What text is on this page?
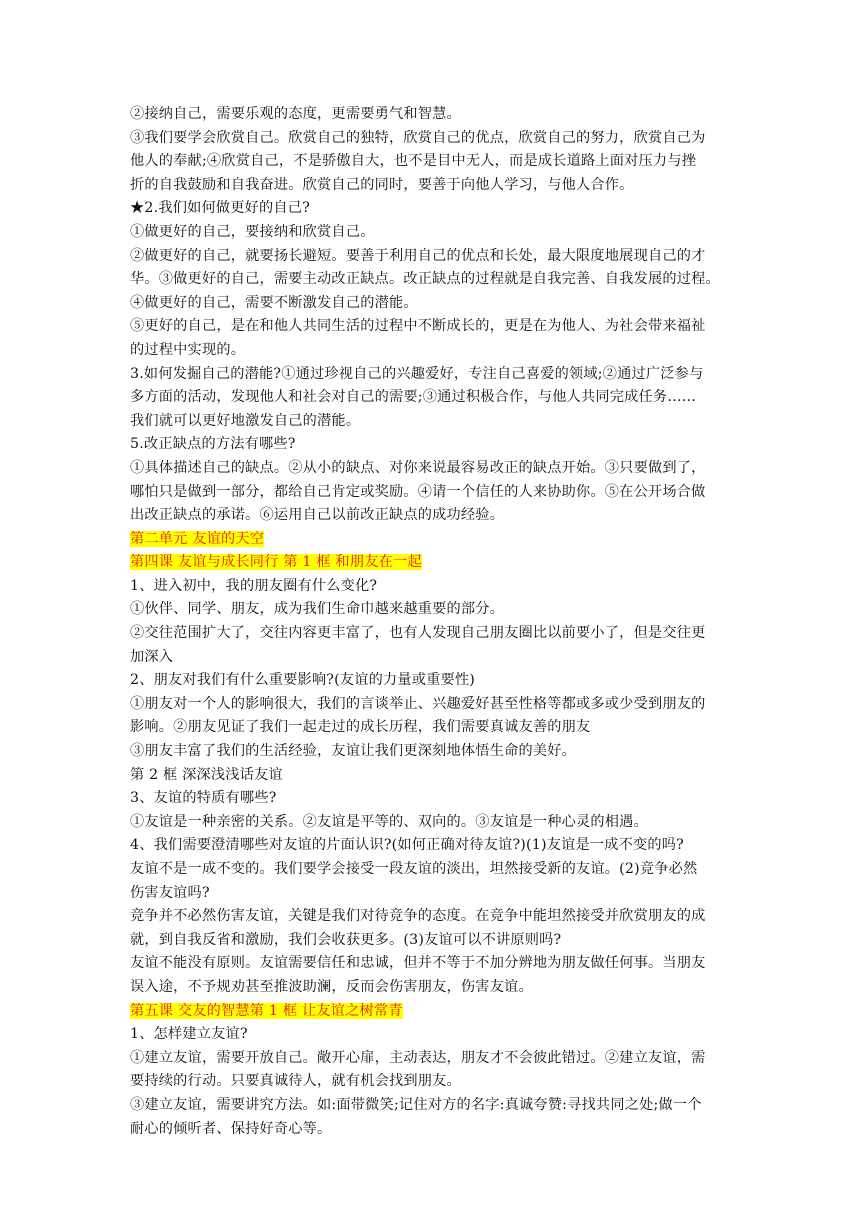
②接纳自己，需要乐观的态度，更需要勇气和智慧。
③我们要学会欣赏自己。欣赏自己的独特，欣赏自己的优点，欣赏自己的努力，欣赏自己为
他人的奉献;④欣赏自己，不是骄傲自大，也不是目中无人，而是成长道路上面对压力与挫
折的自我鼓励和自我奋进。欣赏自己的同时，要善于向他人学习，与他人合作。
★2.我们如何做更好的自己?
①做更好的自己，要接纳和欣赏自己。
②做更好的自己，就要扬长避短。要善于利用自己的优点和长处，最大限度地展现自己的才
华。③做更好的自己，需要主动改正缺点。改正缺点的过程就是自我完善、自我发展的过程。
④做更好的自己，需要不断激发自己的潜能。
⑤更好的自己，是在和他人共同生活的过程中不断成长的，更是在为他人、为社会带来福祉
的过程中实现的。
3.如何发掘自己的潜能?①通过珍视自己的兴趣爱好，专注自己喜爱的领域;②通过广泛参与
多方面的活动，发现他人和社会对自己的需要;③通过积极合作，与他人共同完成任务……
我们就可以更好地激发自己的潜能。
5.改正缺点的方法有哪些?
①具体描述自己的缺点。②从小的缺点、对你来说最容易改正的缺点开始。③只要做到了，
哪怕只是做到一部分，都给自己肯定或奖励。④请一个信任的人来协助你。⑤在公开场合做
出改正缺点的承诺。⑥运用自己以前改正缺点的成功经验。
第二单元 友谊的天空
第四课 友谊与成长同行 第 1 框 和朋友在一起
1、进入初中，我的朋友圈有什么变化?
①伙伴、同学、朋友，成为我们生命巾越来越重要的部分。
②交往范围扩大了，交往内容更丰富了，也有人发现自己朋友圈比以前要小了，但是交往更
加深入
2、朋友对我们有什么重要影响?(友谊的力量或重要性)
①朋友对一个人的影响很大，我们的言谈举止、兴趣爱好甚至性格等都或多或少受到朋友的
影响。②朋友见证了我们一起走过的成长历程，我们需要真诚友善的朋友
③朋友丰富了我们的生活经验，友谊让我们更深刻地体悟生命的美好。
第 2 框 深深浅浅话友谊
3、友谊的特质有哪些?
①友谊是一种亲密的关系。②友谊是平等的、双向的。③友谊是一种心灵的相遇。
4、我们需要澄清哪些对友谊的片面认识?(如何正确对待友谊?)(1)友谊是一成不变的吗?
友谊不是一成不变的。我们要学会接受一段友谊的淡出，坦然接受新的友谊。(2)竞争必然
伤害友谊吗?
竞争并不必然伤害友谊，关键是我们对待竞争的态度。在竞争中能坦然接受并欣赏朋友的成
就，到自我反省和激励，我们会收获更多。(3)友谊可以不讲原则吗?
友谊不能没有原则。友谊需要信任和忠诚，但并不等于不加分辨地为朋友做任何事。当朋友
误入途，不予规劝甚至推波助澜，反而会伤害朋友，伤害友谊。
第五课 交友的智慧第 1 框 让友谊之树常青
1、怎样建立友谊?
①建立友谊，需要开放自己。敞开心扉，主动表达，朋友才不会彼此错过。②建立友谊，需
要持续的行动。只要真诚待人，就有机会找到朋友。
③建立友谊，需要讲究方法。如:面带微笑;记住对方的名字:真诚夸赞:寻找共同之处;做一个
耐心的倾听者、保持好奇心等。
